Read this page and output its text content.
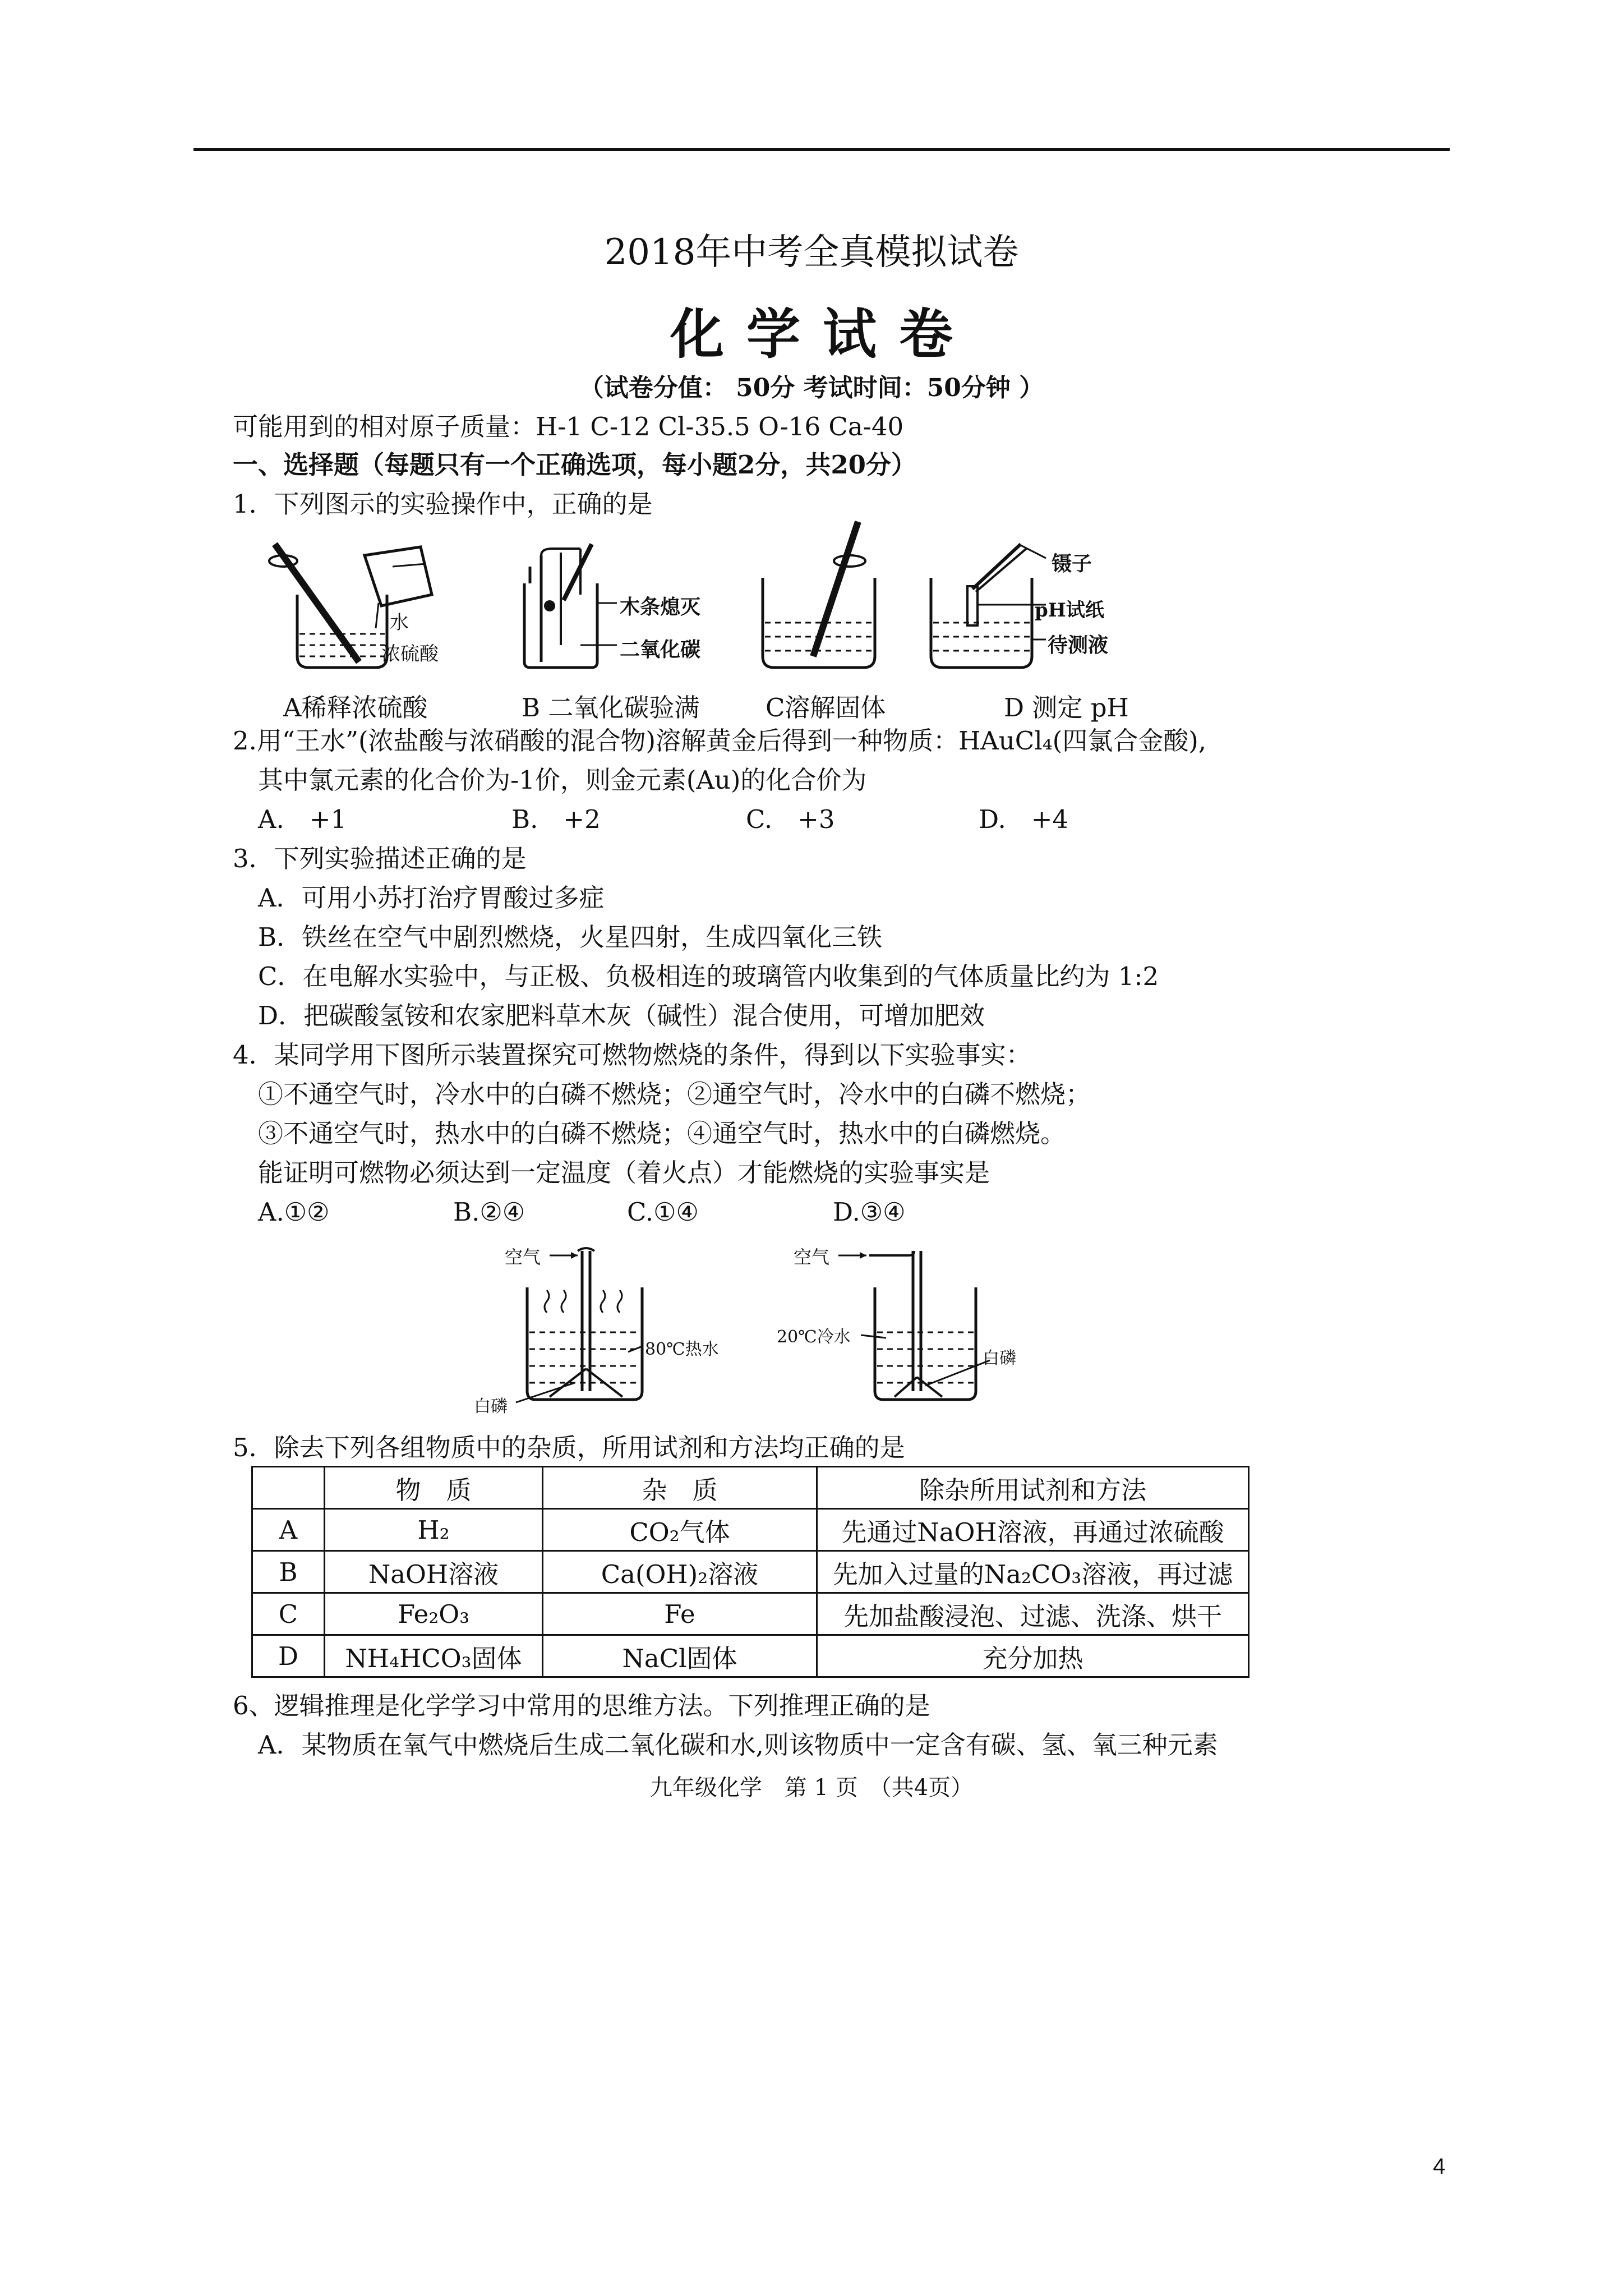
2018年中考全真模拟试卷
化学试卷
（试卷分值： 50分 考试时间：50分钟 ）
可能用到的相对原子质量：H-1 C-12 Cl-35.5 O-16 Ca-40
一、选择题（每题只有一个正确选项，每小题2分，共20分）
1．下列图示的实验操作中，正确的是
水
浓硫酸
木条熄灭
二氧化碳
镊子
pH试纸
待测液
A稀释浓硫酸	B 二氧化碳验满	C溶解固体	D 测定 pH
2.用“王水”(浓盐酸与浓硝酸的混合物)溶解黄金后得到一种物质：HAuCl₄(四氯合金酸),
其中氯元素的化合价为-1价，则金元素(Au)的化合价为
A.　+1	B.　+2	C.　+3	D.　+4
3．下列实验描述正确的是
A．可用小苏打治疗胃酸过多症
B．铁丝在空气中剧烈燃烧，火星四射，生成四氧化三铁
C．在电解水实验中，与正极、负极相连的玻璃管内收集到的气体质量比约为 1:2
D．把碳酸氢铵和农家肥料草木灰（碱性）混合使用，可增加肥效
4．某同学用下图所示装置探究可燃物燃烧的条件，得到以下实验事实：
①不通空气时，冷水中的白磷不燃烧；②通空气时，冷水中的白磷不燃烧；
③不通空气时，热水中的白磷不燃烧；④通空气时，热水中的白磷燃烧。
能证明可燃物必须达到一定温度（着火点）才能燃烧的实验事实是
A.①②	B.②④	C.①④	D.③④
空气
80℃热水
白磷
空气
20℃冷水
白磷
5．除去下列各组物质中的杂质，所用试剂和方法均正确的是
	物　质	杂　质	除杂所用试剂和方法
A	H₂	CO₂气体	先通过NaOH溶液，再通过浓硫酸
B	NaOH溶液	Ca(OH)₂溶液	先加入过量的Na₂CO₃溶液，再过滤
C	Fe₂O₃	Fe	先加盐酸浸泡、过滤、洗涤、烘干
D	NH₄HCO₃固体	NaCl固体	充分加热
6、逻辑推理是化学学习中常用的思维方法。下列推理正确的是
A．某物质在氧气中燃烧后生成二氧化碳和水,则该物质中一定含有碳、氢、氧三种元素
九年级化学　第 1 页　（共4页）
4
